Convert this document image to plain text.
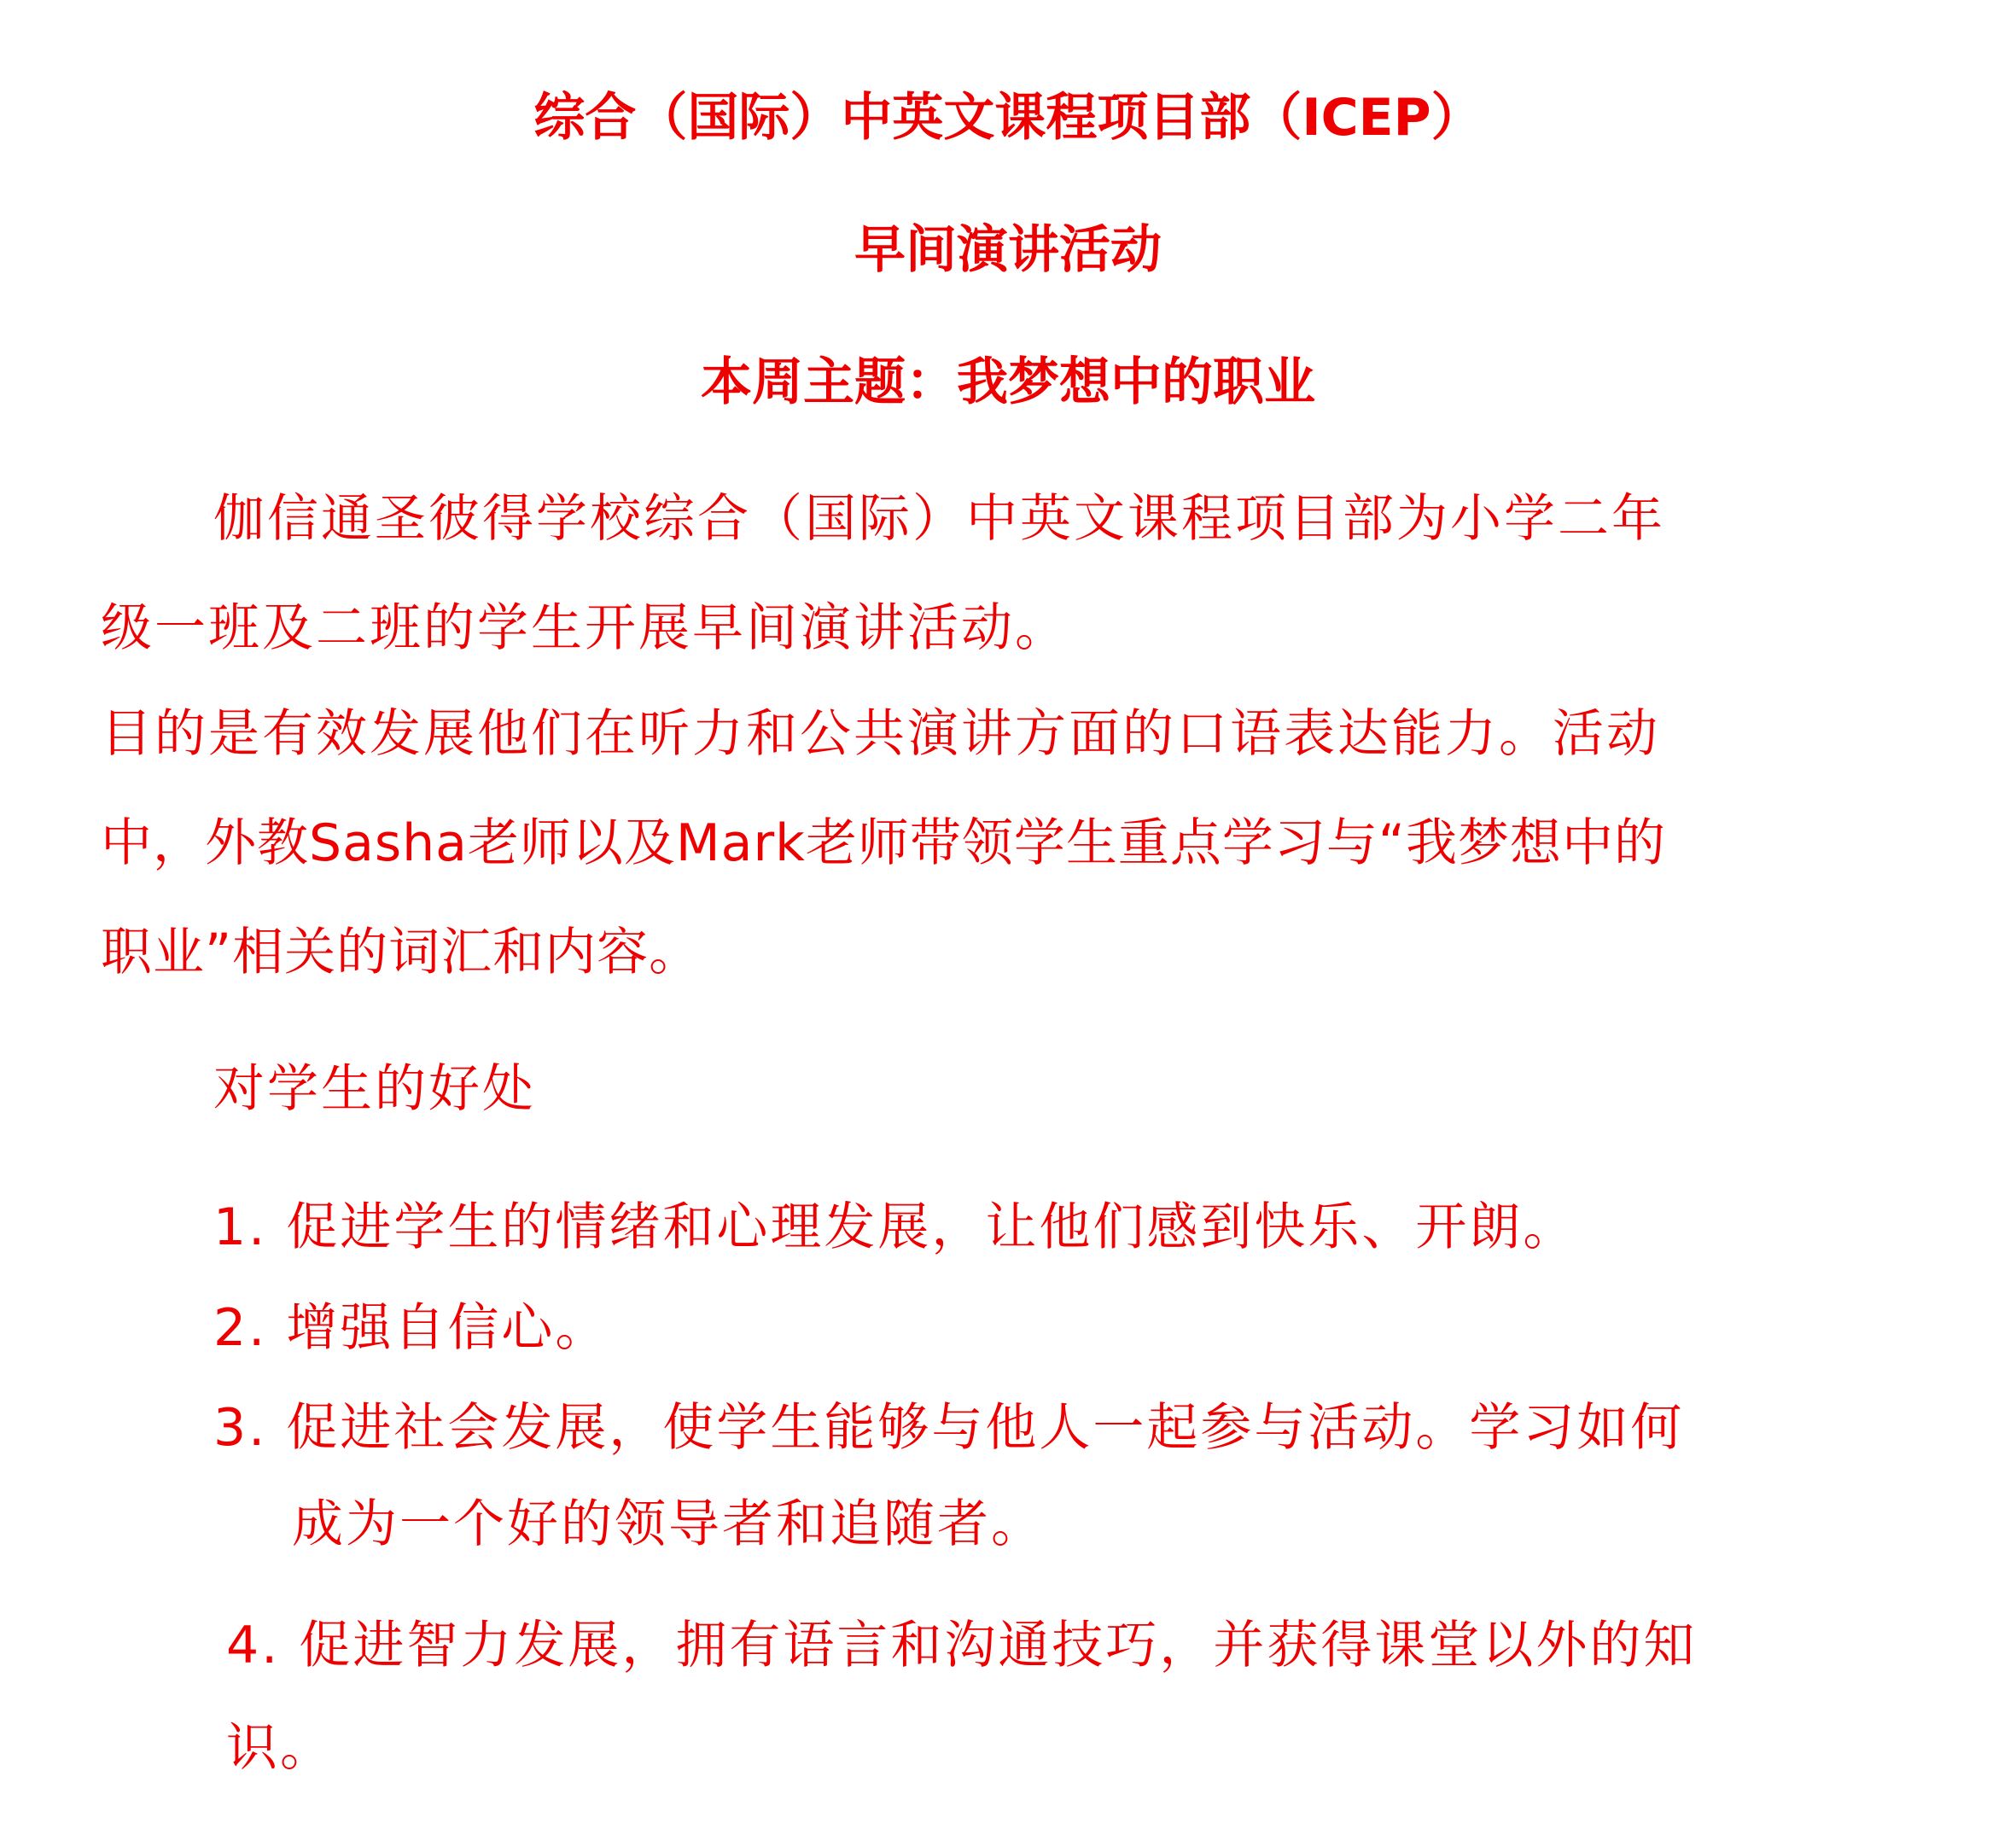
综合（国际）中英文课程项目部（ICEP）

早间演讲活动

本周主题：我梦想中的职业

伽信通圣彼得学校综合（国际）中英文课程项目部为小学二年

级一班及二班的学生开展早间演讲活动。

目的是有效发展他们在听力和公共演讲方面的口语表达能力。活动

中，外教Sasha老师以及Mark老师带领学生重点学习与“我梦想中的

职业”相关的词汇和内容。

对学生的好处

1. 促进学生的情绪和心理发展，让他们感到快乐、开朗。

2. 增强自信心。

3. 促进社会发展，使学生能够与他人一起参与活动。学习如何

成为一个好的领导者和追随者。

4. 促进智力发展，拥有语言和沟通技巧，并获得课堂以外的知

识。
